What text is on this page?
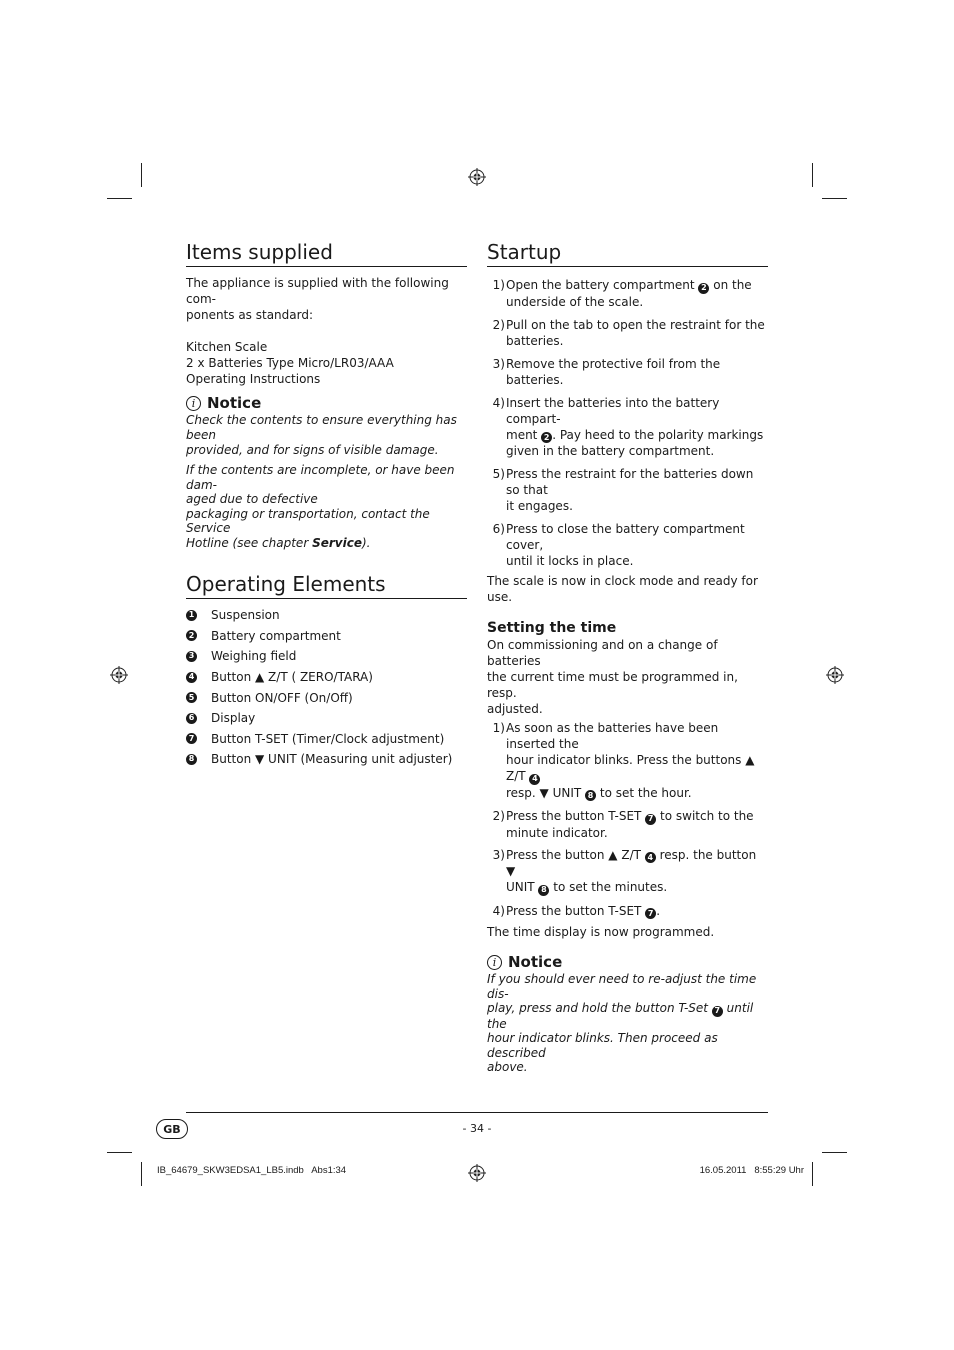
Items supplied

The appliance is supplied with the following com-
ponents as standard:

Kitchen Scale
2 x Batteries Type Micro/LR03/AAA
Operating Instructions

i Notice

Check the contents to ensure everything has been
provided, and for signs of visible damage.

If the contents are incomplete, or have been dam-
aged due to defective
packaging or transportation, contact the Service
Hotline (see chapter Service).

Operating Elements
1 Suspension
2 Battery compartment
3 Weighing field
4 Button ▲ Z/T ( ZERO/TARA)
5 Button ON/OFF (On/Off)
6 Display
7 Button T-SET (Timer/Clock adjustment)
8 Button ▼ UNIT (Measuring unit adjuster)
Startup
1) Open the battery compartment 2 on the
underside of the scale.
2) Pull on the tab to open the restraint for the
batteries.
3) Remove the protective foil from the batteries.
4) Insert the batteries into the battery compart-
ment 2 . Pay heed to the polarity markings
given in the battery compartment.
5) Press the restraint for the batteries down so that
it engages.
6) Press to close the battery compartment cover,
until it locks in place.

The scale is now in clock mode and ready for use.

Setting the time

On commissioning and on a change of batteries
the current time must be programmed in, resp.
adjusted.

1) As soon as the batteries have been inserted the
hour indicator blinks. Press the buttons ▲ Z/T 4
resp. ▼ UNIT 8 to set the hour.
2) Press the button T-SET 7 to switch to the
minute indicator.
3) Press the button ▲ Z/T 4 resp. the button ▼
UNIT 8 to set the minutes.
4) Press the button T-SET 7 .

The time display is now programmed.

i Notice

If you should ever need to re-adjust the time dis-
play, press and hold the button T-Set 7 until the
hour indicator blinks. Then proceed as described
above.

GB	- 34 -
IB_64679_SKW3EDSA1_LB5.indb   Abs1:34	16.05.2011   8:55:29 Uhr
